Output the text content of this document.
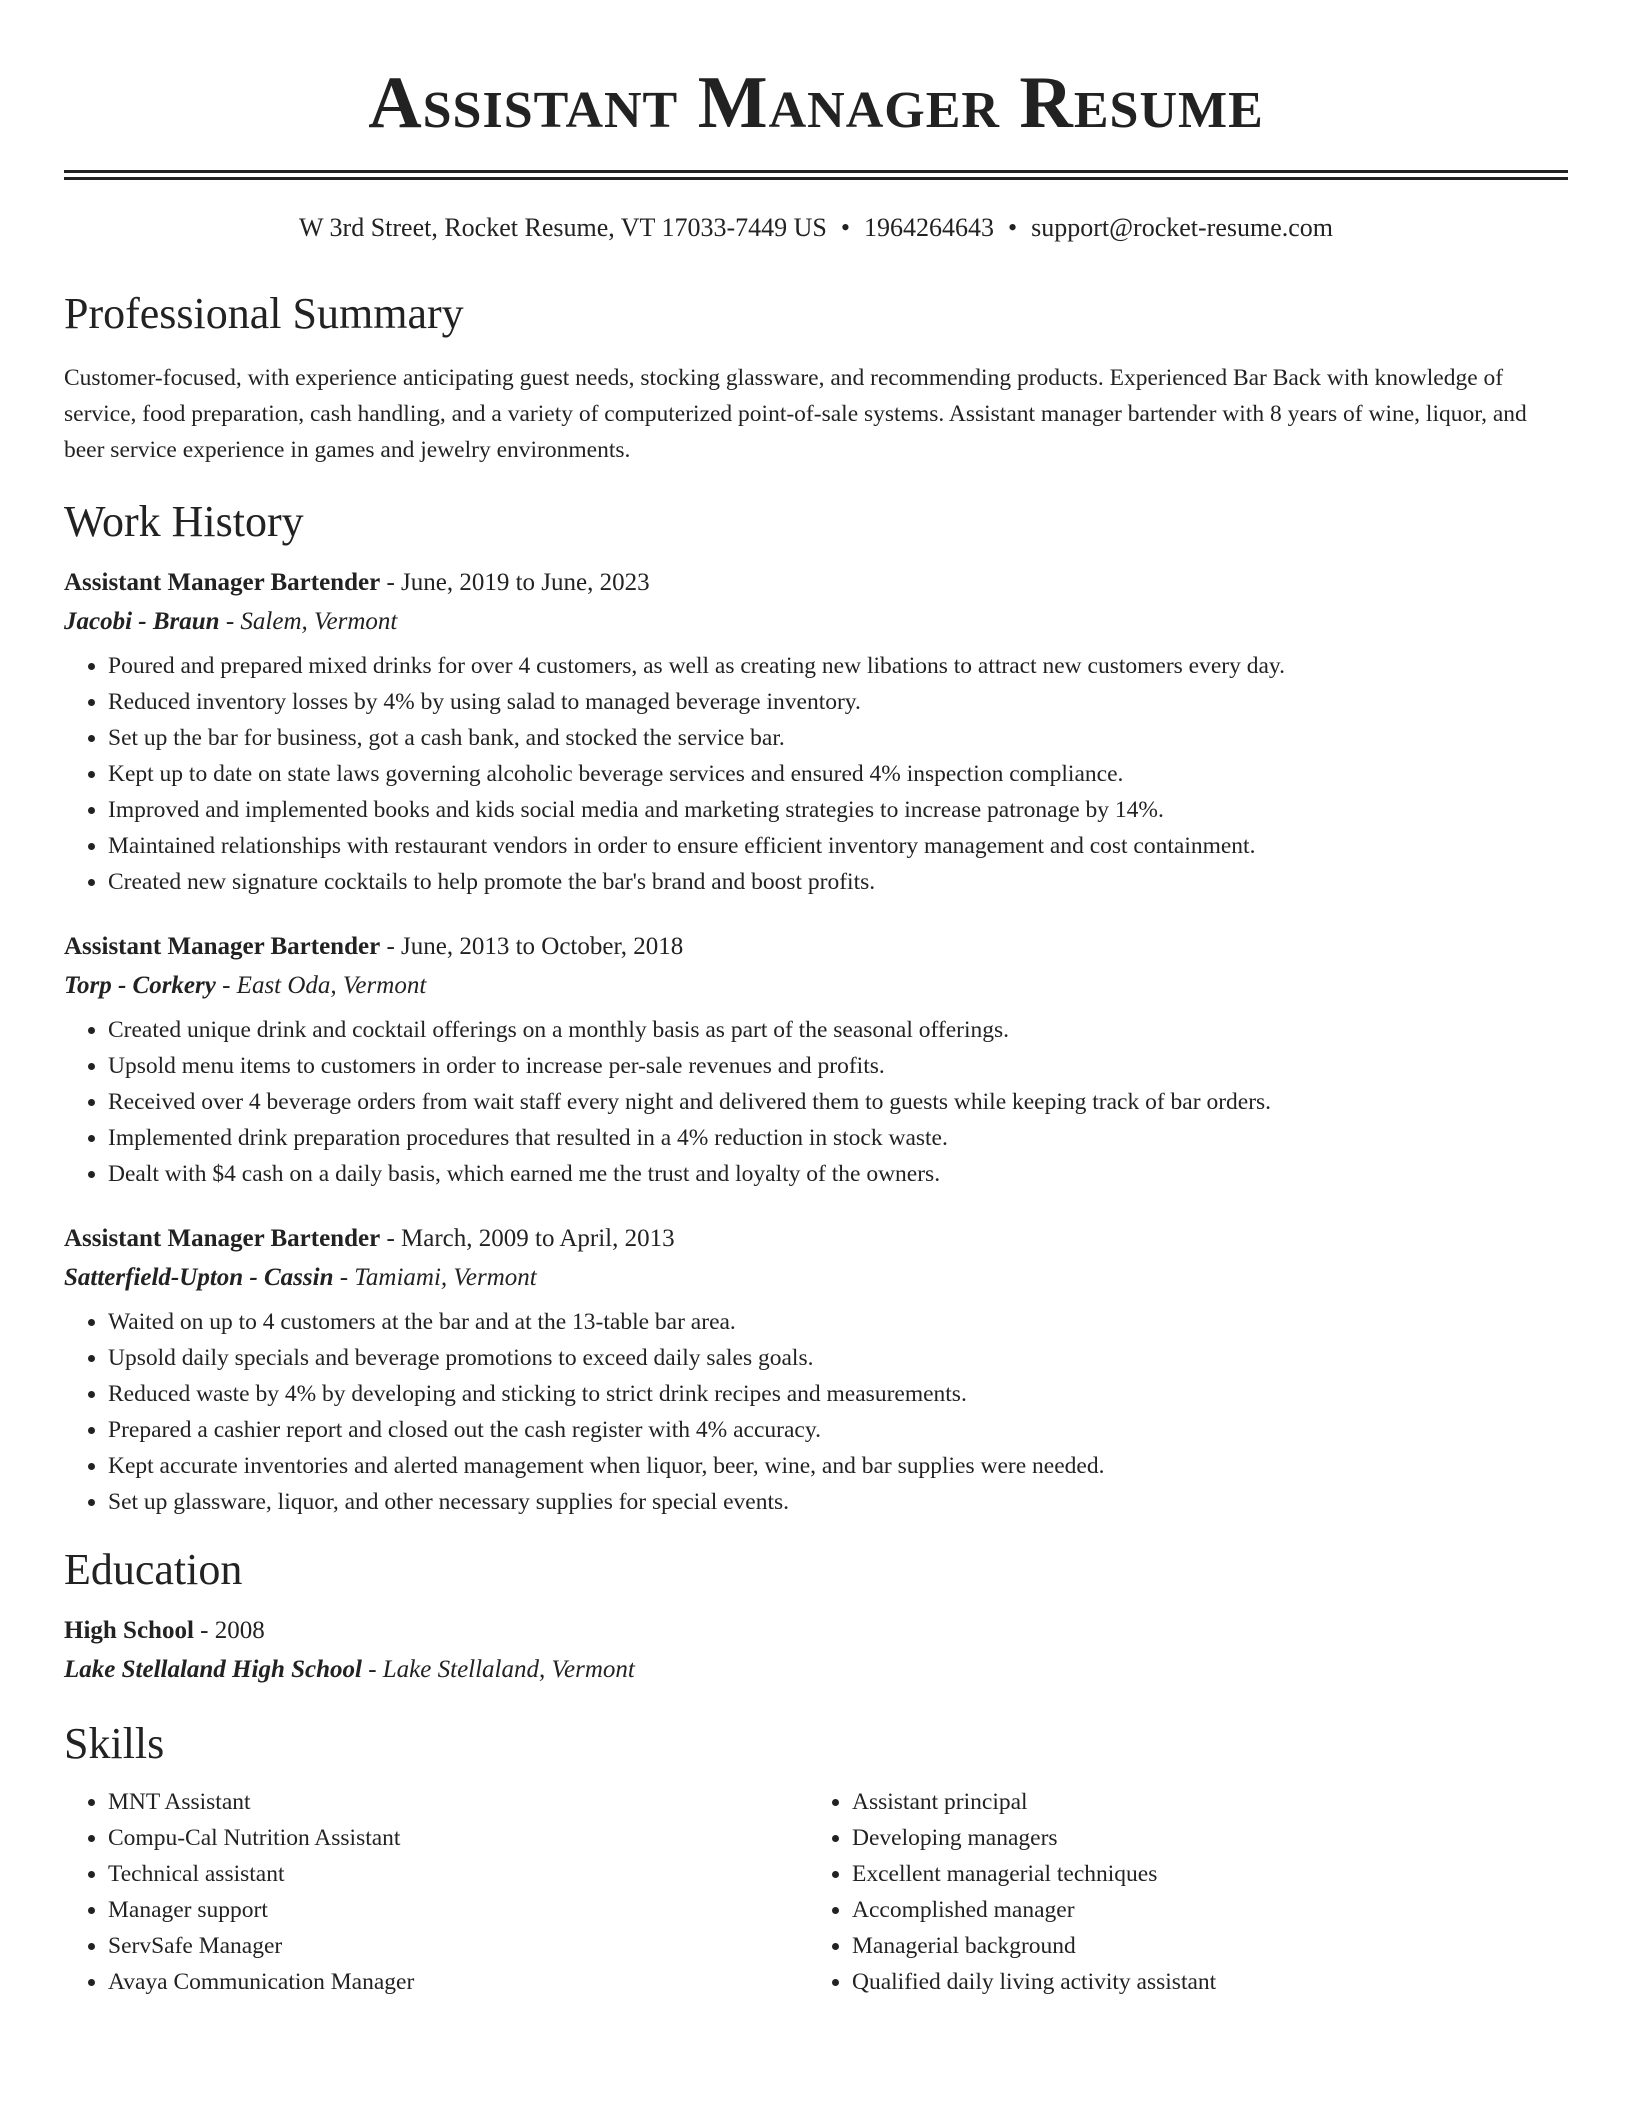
Assistant Manager Resume
W 3rd Street, Rocket Resume, VT 17033-7449 US • 1964264643 • support@rocket-resume.com
Professional Summary

Customer-focused, with experience anticipating guest needs, stocking glassware, and recommending products. Experienced Bar Back with knowledge of service, food preparation, cash handling, and a variety of computerized point-of-sale systems. Assistant manager bartender with 8 years of wine, liquor, and beer service experience in games and jewelry environments.

Work History
Assistant Manager Bartender - June, 2019 to June, 2023
Jacobi - Braun - Salem, Vermont
• Poured and prepared mixed drinks for over 4 customers, as well as creating new libations to attract new customers every day.
• Reduced inventory losses by 4% by using salad to managed beverage inventory.
• Set up the bar for business, got a cash bank, and stocked the service bar.
• Kept up to date on state laws governing alcoholic beverage services and ensured 4% inspection compliance.
• Improved and implemented books and kids social media and marketing strategies to increase patronage by 14%.
• Maintained relationships with restaurant vendors in order to ensure efficient inventory management and cost containment.
• Created new signature cocktails to help promote the bar's brand and boost profits.
Assistant Manager Bartender - June, 2013 to October, 2018
Torp - Corkery - East Oda, Vermont
• Created unique drink and cocktail offerings on a monthly basis as part of the seasonal offerings.
• Upsold menu items to customers in order to increase per-sale revenues and profits.
• Received over 4 beverage orders from wait staff every night and delivered them to guests while keeping track of bar orders.
• Implemented drink preparation procedures that resulted in a 4% reduction in stock waste.
• Dealt with $4 cash on a daily basis, which earned me the trust and loyalty of the owners.
Assistant Manager Bartender - March, 2009 to April, 2013
Satterfield-Upton - Cassin - Tamiami, Vermont
• Waited on up to 4 customers at the bar and at the 13-table bar area.
• Upsold daily specials and beverage promotions to exceed daily sales goals.
• Reduced waste by 4% by developing and sticking to strict drink recipes and measurements.
• Prepared a cashier report and closed out the cash register with 4% accuracy.
• Kept accurate inventories and alerted management when liquor, beer, wine, and bar supplies were needed.
• Set up glassware, liquor, and other necessary supplies for special events.
Education
High School - 2008
Lake Stellaland High School - Lake Stellaland, Vermont
Skills
• MNT Assistant
• Compu-Cal Nutrition Assistant
• Technical assistant
• Manager support
• ServSafe Manager
• Avaya Communication Manager
• Assistant principal
• Developing managers
• Excellent managerial techniques
• Accomplished manager
• Managerial background
• Qualified daily living activity assistant
